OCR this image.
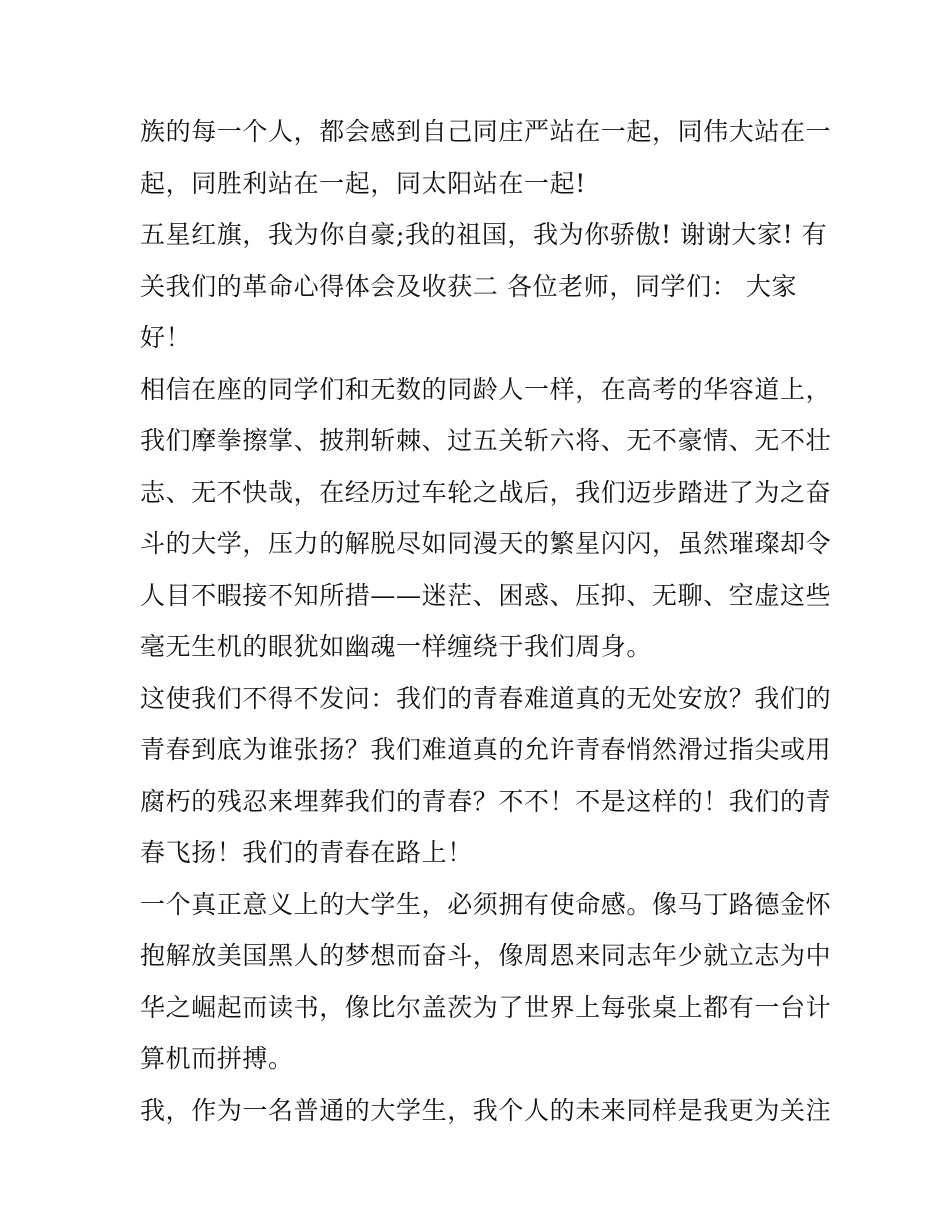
族的每一个人，都会感到自己同庄严站在一起，同伟大站在一
起，同胜利站在一起，同太阳站在一起!
五星红旗，我为你自豪;我的祖国，我为你骄傲! 谢谢大家! 有
关我们的革命心得体会及收获二 各位老师，同学们： 大家
好！
相信在座的同学们和无数的同龄人一样，在高考的华容道上，
我们摩拳擦掌、披荆斩棘、过五关斩六将、无不豪情、无不壮
志、无不快哉，在经历过车轮之战后，我们迈步踏进了为之奋
斗的大学，压力的解脱尽如同漫天的繁星闪闪，虽然璀璨却令
人目不暇接不知所措——迷茫、困惑、压抑、无聊、空虚这些
毫无生机的眼犹如幽魂一样缠绕于我们周身。
这使我们不得不发问：我们的青春难道真的无处安放？我们的
青春到底为谁张扬？我们难道真的允许青春悄然滑过指尖或用
腐朽的残忍来埋葬我们的青春？不不！不是这样的！我们的青
春飞扬！我们的青春在路上！
一个真正意义上的大学生，必须拥有使命感。像马丁路德金怀
抱解放美国黑人的梦想而奋斗，像周恩来同志年少就立志为中
华之崛起而读书，像比尔盖茨为了世界上每张桌上都有一台计
算机而拼搏。
我，作为一名普通的大学生，我个人的未来同样是我更为关注
